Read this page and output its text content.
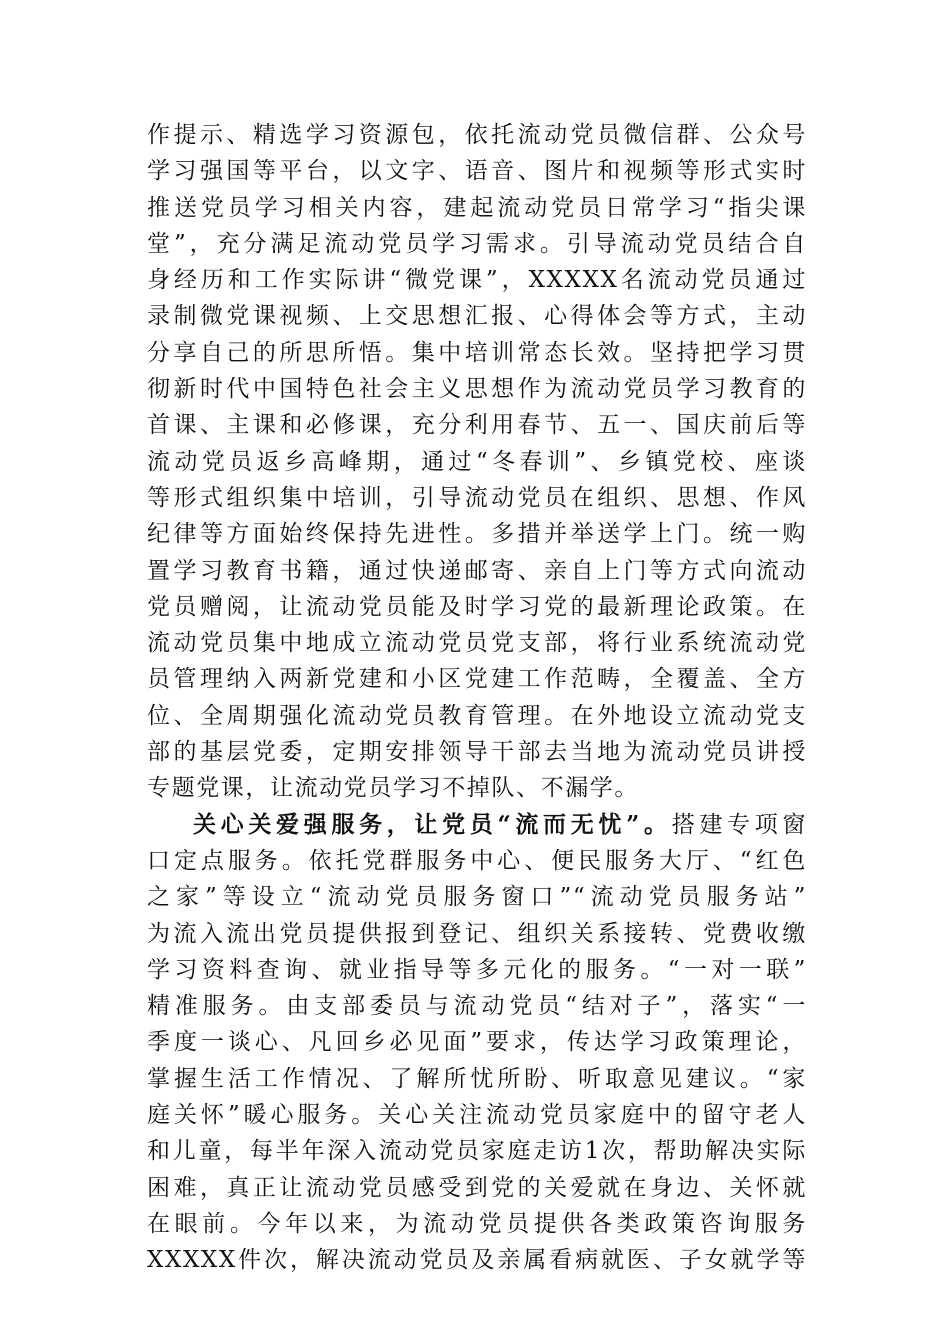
作提示、精选学习资源包，依托流动党员微信群、公众号
学习强国等平台，以文字、语音、图片和视频等形式实时
推送党员学习相关内容，建起流动党员日常学习“指尖课
堂”，充分满足流动党员学习需求。引导流动党员结合自
身经历和工作实际讲“微党课”，XXXXX名流动党员通过
录制微党课视频、上交思想汇报、心得体会等方式，主动
分享自己的所思所悟。集中培训常态长效。坚持把学习贯
彻新时代中国特色社会主义思想作为流动党员学习教育的
首课、主课和必修课，充分利用春节、五一、国庆前后等
流动党员返乡高峰期，通过“冬春训”、乡镇党校、座谈
等形式组织集中培训，引导流动党员在组织、思想、作风
纪律等方面始终保持先进性。多措并举送学上门。统一购
置学习教育书籍，通过快递邮寄、亲自上门等方式向流动
党员赠阅，让流动党员能及时学习党的最新理论政策。在
流动党员集中地成立流动党员党支部，将行业系统流动党
员管理纳入两新党建和小区党建工作范畴，全覆盖、全方
位、全周期强化流动党员教育管理。在外地设立流动党支
部的基层党委，定期安排领导干部去当地为流动党员讲授
专题党课，让流动党员学习不掉队、不漏学。
关心关爱强服务，让党员“流而无忧”。搭建专项窗
口定点服务。依托党群服务中心、便民服务大厅、“红色
之家”等设立“流动党员服务窗口”“流动党员服务站”
为流入流出党员提供报到登记、组织关系接转、党费收缴
学习资料查询、就业指导等多元化的服务。“一对一联”
精准服务。由支部委员与流动党员“结对子”，落实“一
季度一谈心、凡回乡必见面”要求，传达学习政策理论，
掌握生活工作情况、了解所忧所盼、听取意见建议。“家
庭关怀”暖心服务。关心关注流动党员家庭中的留守老人
和儿童，每半年深入流动党员家庭走访1次，帮助解决实际
困难，真正让流动党员感受到党的关爱就在身边、关怀就
在眼前。今年以来，为流动党员提供各类政策咨询服务
XXXXX件次，解决流动党员及亲属看病就医、子女就学等
